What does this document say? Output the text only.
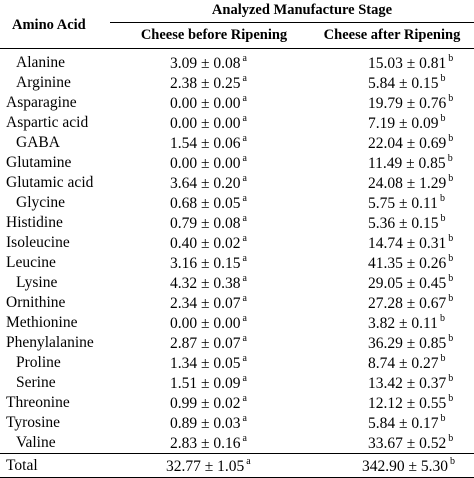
Amino Acid	Analyzed Manufacture Stage	
	Cheese before Ripening	Cheese after Ripening
Alanine	3.09 ± 0.08 $^a$	15.03 ± 0.81 $^b$
Arginine	2.38 ± 0.25 $^a$	5.84 ± 0.15 $^b$
Asparagine	0.00 ± 0.00 $^a$	19.79 ± 0.76 $^b$
Aspartic acid	0.00 ± 0.00 $^a$	7.19 ± 0.09 $^b$
GABA	1.54 ± 0.06 $^a$	22.04 ± 0.69 $^b$
Glutamine	0.00 ± 0.00 $^a$	11.49 ± 0.85 $^b$
Glutamic acid	3.64 ± 0.20 $^a$	24.08 ± 1.29 $^b$
Glycine	0.68 ± 0.05 $^a$	5.75 ± 0.11 $^b$
Histidine	0.79 ± 0.08 $^a$	5.36 ± 0.15 $^b$
Isoleucine	0.40 ± 0.02 $^a$	14.74 ± 0.31 $^b$
Leucine	3.16 ± 0.15 $^a$	41.35 ± 0.26 $^b$
Lysine	4.32 ± 0.38 $^a$	29.05 ± 0.45 $^b$
Ornithine	2.34 ± 0.07 $^a$	27.28 ± 0.67 $^b$
Methionine	0.00 ± 0.00 $^a$	3.82 ± 0.11 $^b$
Phenylalanine	2.87 ± 0.07 $^a$	36.29 ± 0.85 $^b$
Proline	1.34 ± 0.05 $^a$	8.74 ± 0.27 $^b$
Serine	1.51 ± 0.09 $^a$	13.42 ± 0.37 $^b$
Threonine	0.99 ± 0.02 $^a$	12.12 ± 0.55 $^b$
Tyrosine	0.89 ± 0.03 $^a$	5.84 ± 0.17 $^b$
Valine	2.83 ± 0.16 $^a$	33.67 ± 0.52 $^b$
Total	32.77 ± 1.05 $^a$	342.90 ± 5.30 $^b$
